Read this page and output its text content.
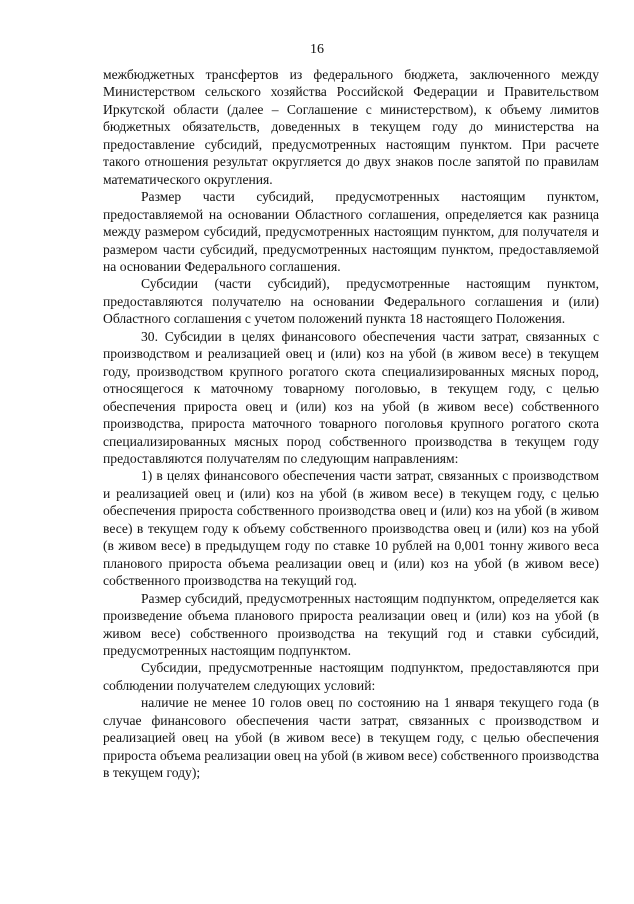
16

межбюджетных трансфертов из федерального бюджета, заключенного между Министерством сельского хозяйства Российской Федерации и Правительством Иркутской области (далее – Соглашение с министерством), к объему лимитов бюджетных обязательств, доведенных в текущем году до министерства на предоставление субсидий, предусмотренных настоящим пунктом. При расчете такого отношения результат округляется до двух знаков после запятой по правилам математического округления.

Размер части субсидий, предусмотренных настоящим пунктом, предоставляемой на основании Областного соглашения, определяется как разница между размером субсидий, предусмотренных настоящим пунктом, для получателя и размером части субсидий, предусмотренных настоящим пунктом, предоставляемой на основании Федерального соглашения.

Субсидии (части субсидий), предусмотренные настоящим пунктом, предоставляются получателю на основании Федерального соглашения и (или) Областного соглашения с учетом положений пункта 18 настоящего Положения.

30. Субсидии в целях финансового обеспечения части затрат, связанных с производством и реализацией овец и (или) коз на убой (в живом весе) в текущем году, производством крупного рогатого скота специализированных мясных пород, относящегося к маточному товарному поголовью, в текущем году, с целью обеспечения прироста овец и (или) коз на убой (в живом весе) собственного производства, прироста маточного товарного поголовья крупного рогатого скота специализированных мясных пород собственного производства в текущем году предоставляются получателям по следующим направлениям:

1) в целях финансового обеспечения части затрат, связанных с производством и реализацией овец и (или) коз на убой (в живом весе) в текущем году, с целью обеспечения прироста собственного производства овец и (или) коз на убой (в живом весе) в текущем году к объему собственного производства овец и (или) коз на убой (в живом весе) в предыдущем году по ставке 10 рублей на 0,001 тонну живого веса планового прироста объема реализации овец и (или) коз на убой (в живом весе) собственного производства на текущий год.

Размер субсидий, предусмотренных настоящим подпунктом, определяется как произведение объема планового прироста реализации овец и (или) коз на убой (в живом весе) собственного производства на текущий год и ставки субсидий, предусмотренных настоящим подпунктом.

Субсидии, предусмотренные настоящим подпунктом, предоставляются при соблюдении получателем следующих условий:

наличие не менее 10 голов овец по состоянию на 1 января текущего года (в случае финансового обеспечения части затрат, связанных с производством и реализацией овец на убой (в живом весе) в текущем году, с целью обеспечения прироста объема реализации овец на убой (в живом весе) собственного производства в текущем году);
